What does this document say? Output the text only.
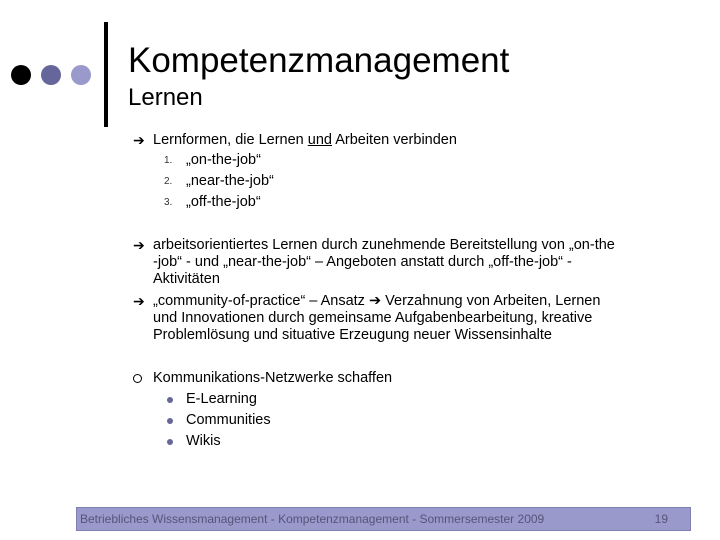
Kompetenzmanagement
Lernen
➔ Lernformen, die Lernen und Arbeiten verbinden
1. „on-the-job“
2. „near-the-job“
3. „off-the-job“
➔ arbeitsorientiertes Lernen durch zunehmende Bereitstellung von „on-the
-job“ - und „near-the-job“ – Angeboten anstatt durch „off-the-job“ -
Aktivitäten
➔ „community-of-practice“ – Ansatz ➔ Verzahnung von Arbeiten, Lernen
und Innovationen durch gemeinsame Aufgabenbearbeitung, kreative
Problemlösung und situative Erzeugung neuer Wissensinhalte
Kommunikations-Netzwerke schaffen
E-Learning
Communities
Wikis
Betriebliches Wissensmanagement - Kompetenzmanagement - Sommersemester 2009	19
